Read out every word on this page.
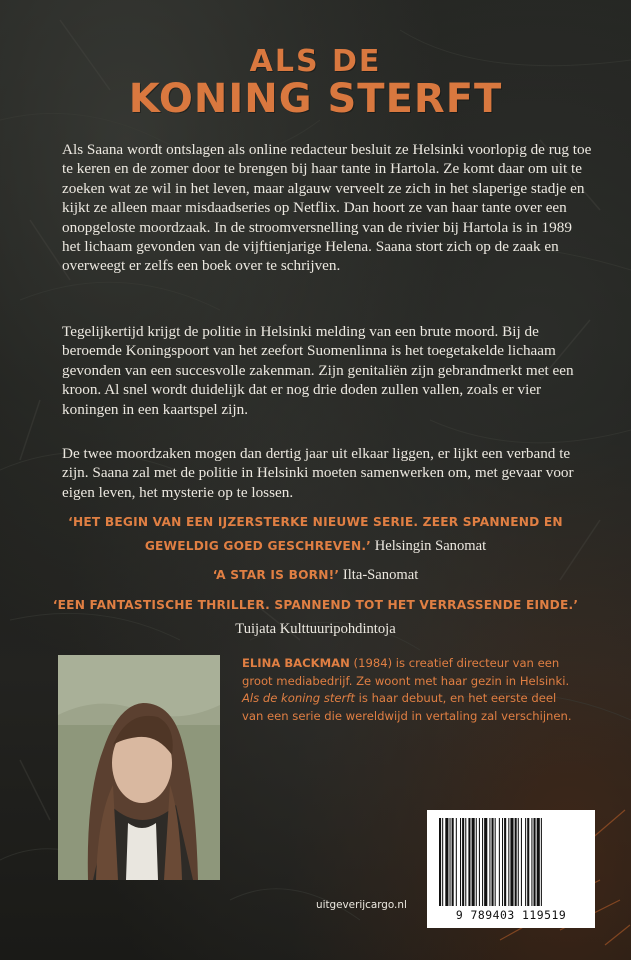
ALS DE
KONING STERFT

Als Saana wordt ontslagen als online redacteur besluit ze Helsinki voorlopig de rug toe te keren en de zomer door te brengen bij haar tante in Hartola. Ze komt daar om uit te zoeken wat ze wil in het leven, maar algauw verveelt ze zich in het slaperige stadje en kijkt ze alleen maar misdaadseries op Netflix. Dan hoort ze van haar tante over een onopgeloste moordzaak. In de stroomversnelling van de rivier bij Hartola is in 1989 het lichaam gevonden van de vijftienjarige Helena. Saana stort zich op de zaak en overweegt er zelfs een boek over te schrijven.

Tegelijkertijd krijgt de politie in Helsinki melding van een brute moord. Bij de beroemde Koningspoort van het zeefort Suomenlinna is het toegetakelde lichaam gevonden van een succesvolle zakenman. Zijn genitaliën zijn gebrandmerkt met een kroon. Al snel wordt duidelijk dat er nog drie doden zullen vallen, zoals er vier koningen in een kaartspel zijn.

De twee moordzaken mogen dan dertig jaar uit elkaar liggen, er lijkt een verband te zijn. Saana zal met de politie in Helsinki moeten samenwerken om, met gevaar voor eigen leven, het mysterie op te lossen.

‘HET BEGIN VAN EEN IJZERSTERKE NIEUWE SERIE. ZEER SPANNEND EN GEWELDIG GOED GESCHREVEN.’ Helsingin Sanomat

‘A STAR IS BORN!’ Ilta-Sanomat

‘EEN FANTASTISCHE THRILLER. SPANNEND TOT HET VERRASSENDE EINDE.’
Tuijata Kulttuuripohdintoja

ELINA BACKMAN (1984) is creatief directeur van een groot mediabedrijf. Ze woont met haar gezin in Helsinki. Als de koning sterft is haar debuut, en het eerste deel van een serie die wereldwijd in vertaling zal verschijnen.

uitgeverijcargo.nl
9 789403 119519
